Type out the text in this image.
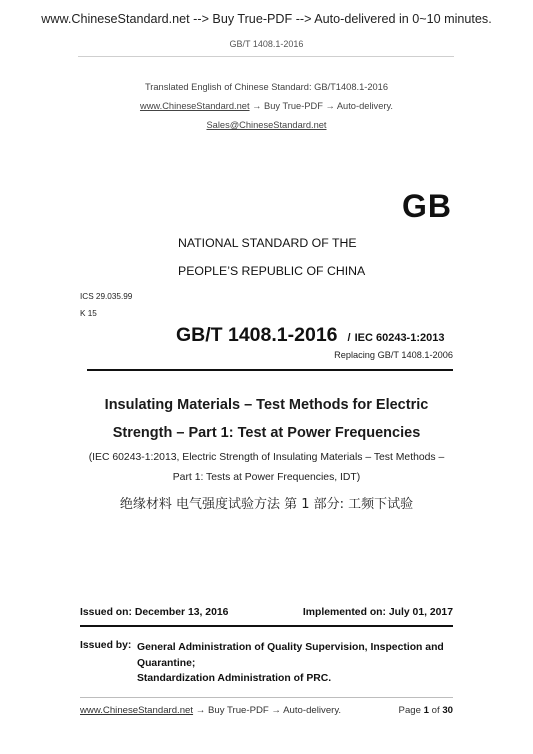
www.ChineseStandard.net --> Buy True-PDF --> Auto-delivered in 0~10 minutes.
GB/T 1408.1-2016
Translated English of Chinese Standard: GB/T1408.1-2016
www.ChineseStandard.net → Buy True-PDF → Auto-delivery.
Sales@ChineseStandard.net
GB
NATIONAL STANDARD OF THE
PEOPLE’S REPUBLIC OF CHINA
ICS 29.035.99
K 15
GB/T 1408.1-2016 / IEC 60243-1:2013
Replacing GB/T 1408.1-2006
Insulating Materials – Test Methods for Electric
Strength – Part 1: Test at Power Frequencies
(IEC 60243-1:2013, Electric Strength of Insulating Materials – Test Methods –
Part 1: Tests at Power Frequencies, IDT)
绝缘材料 电气强度试验方法 第 1 部分: 工频下试验
Issued on: December 13, 2016	Implemented on: July 01, 2017
Issued by: General Administration of Quality Supervision, Inspection and Quarantine;
Standardization Administration of PRC.
www.ChineseStandard.net → Buy True-PDF → Auto-delivery.	Page 1 of 30
